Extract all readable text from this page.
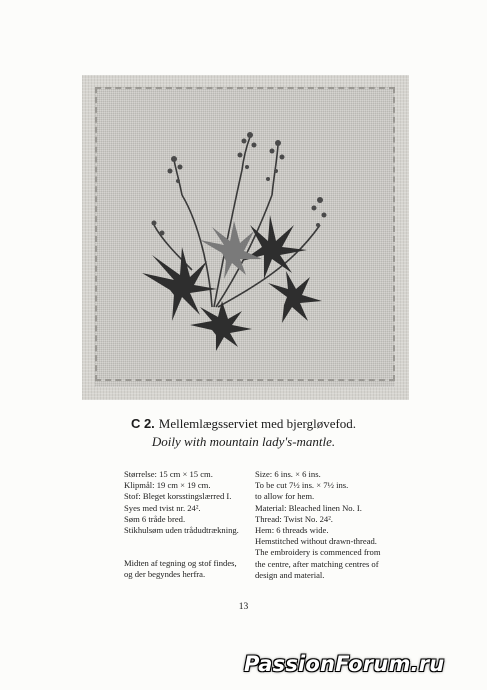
C 2. Mellemlægsserviet med bjergløvefod.
Doily with mountain lady's-mantle.
Størrelse: 15 cm × 15 cm.
Klipmål: 19 cm × 19 cm.
Stof: Bleget korsstingslærred I.
Syes med tvist nr. 24².
Søm 6 tråde bred.
Stikhulsøm uden trådudtrækning.
Midten af tegning og stof findes,
og der begyndes herfra.
Size: 6 ins. × 6 ins.
To be cut 7½ ins. × 7½ ins.
to allow for hem.
Material: Bleached linen No. I.
Thread: Twist No. 24².
Hem: 6 threads wide.
Hemstitched without drawn-thread.
The embroidery is commenced from
the centre, after matching centres of
design and material.
13
PassionForum.ru
